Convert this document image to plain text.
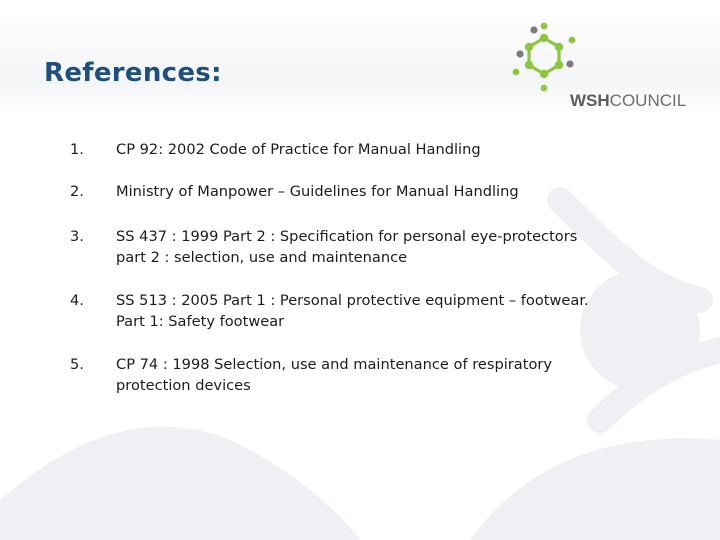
References:
WSHCOUNCIL
1. CP 92: 2002 Code of Practice for Manual Handling
2. Ministry of Manpower – Guidelines for Manual Handling
3. SS 437 : 1999 Part 2 : Specification for personal eye-protectors
part 2 : selection, use and maintenance
4. SS 513 : 2005 Part 1 : Personal protective equipment – footwear.
Part 1: Safety footwear
5. CP 74 : 1998 Selection, use and maintenance of respiratory
protection devices
